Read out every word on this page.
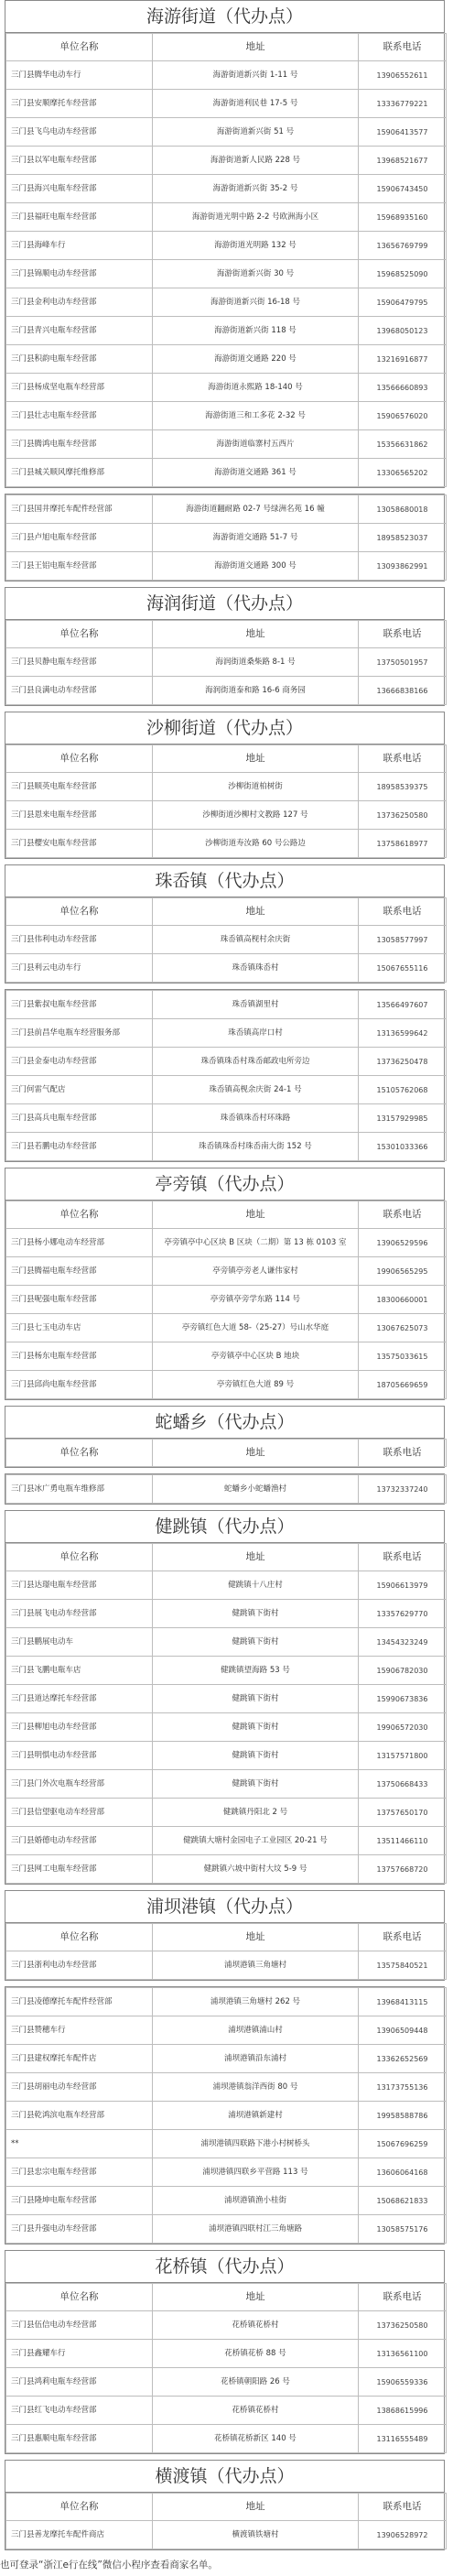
海游街道（代办点）
单位名称	地址	联系电话
三门县腾华电动车行	海游街道新兴街 1-11 号	13906552611
三门县安顺摩托车经营部	海游街道利民巷 17-5 号	13336779221
三门县飞鸟电动车经营部	海游街道新兴街 51 号	15906413577
三门县以军电瓶车经营部	海游街道新人民路 228 号	13968521677
三门县海兴电瓶车经营部	海游街道新兴街 35-2 号	15906743450
三门县福旺电瓶车经营部	海游街道光明中路 2-2 号欧洲海小区	15968935160
三门县海峰车行	海游街道光明路 132 号	13656769799
三门县锦顺电动车经营部	海游街道新兴街 30 号	15968525090
三门县金利电动车经营部	海游街道新兴街 16-18 号	15906479795
三门县青兴电瓶车经营部	海游街道新兴街 118 号	13968050123
三门县积韵电瓶车经营部	海游街道交通路 220 号	13216916877
三门县杨成坚电瓶车经营部	海游街道永熙路 18-140 号	13566660893
三门县壮志电瓶车经营部	海游街道三和工多花 2-32 号	15906576020
三门县腾鸿电瓶车经营部	海游街道临寨村五西片	15356631862
三门县城关顺风摩托维修部	海游街道交通路 361 号	13306565202
三门县国井摩托车配件经营部	海游街道翻耐路 02-7 号绿洲名苑 16 幢	13058680018
三门县卢旭电瓶车经营部	海游街道交通路 51-7 号	18958523037
三门县王铝电瓶车经营部	海游街道交通路 300 号	13093862991
海润街道（代办点）
单位名称	地址	联系电话
三门县贝静电瓶车经营部	海润街道桑柴路 8-1 号	13750501957
三门县良满电动车经营部	海润街道泰和路 16-6 商务园	13666838166
沙柳街道（代办点）
单位名称	地址	联系电话
三门县顺英电瓶车经营部	沙柳街道柏树街	18958539375
三门县恩来电瓶车经营部	沙柳街道沙柳村文教路 127 号	13736250580
三门县樱安电瓶车经营部	沙柳街道寿汝路 60 号公路边	13758618977
珠岙镇（代办点）
单位名称	地址	联系电话
三门县伟利电动车经营部	珠岙镇高枧村余庆街	13058577997
三门县利云电动车行	珠岙镇珠岙村	15067655116
三门县紫叔电瓶车经营部	珠岙镇湖里村	13566497607
三门县前昌华电瓶车经营服务部	珠岙镇高岸口村	13136599642
三门县金泰电动车经营部	珠岙镇珠岙村珠岙邮政电所旁边	13736250478
三门何雷气配店	珠岙镇高枧余庆街 24-1 号	15105762068
三门县高兵电瓶车经营部	珠岙镇珠岙村环珠路	13157929985
三门县若鹏电动车经营部	珠岙镇珠岙村珠岙南大街 152 号	15301033366
亭旁镇（代办点）
单位名称	地址	联系电话
三门县杨小娜电动车经营部	亭旁镇亭中心区块 B 区块（二期）第 13 栋 0103 室	13906529596
三门县腾福电瓶车经营部	亭旁镇亭旁老人谦伟家村	19906565295
三门县呢强电瓶车经营部	亭旁镇亭旁学东路 114 号	18300660001
三门县七玉电动车店	亭旁镇红色大道 58-（25-27）号山水华庭	13067625073
三门县杨东电瓶车经营部	亭旁镇亭中心区块 B 地块	13575033615
三门县邱尚电瓶车经营部	亭旁镇红色大道 89 号	18705669659
蛇蟠乡（代办点）
单位名称	地址	联系电话
三门县冰广勇电瓶车维修部	蛇蟠乡小蛇蟠渔村	13732337240
健跳镇（代办点）
单位名称	地址	联系电话
三门县达璟电瓶车经营部	健跳镇十八庄村	15906613979
三门县展飞电动车经营部	健跳镇下街村	13357629770
三门县鹏展电动车	健跳镇下街村	13454323249
三门县飞鹏电瓶车店	健跳镇望海路 53 号	15906782030
三门县道达摩托车经营部	健跳镇下街村	15990673836
三门县柳旭电动车经营部	健跳镇下街村	19906572030
三门县明惧电动车经营部	健跳镇下街村	13157571800
三门县门外次电瓶车经营部	健跳镇下街村	13750668433
三门县信望驱电动车经营部	健跳镇丹阳北 2 号	13757650170
三门县婚德电动车经营部	健跳镇大塘村金园电子工业园区 20-21 号	13511466110
三门县网工电瓶车经营部	健跳镇六坡中街村大坟 5-9 号	13757668720
浦坝港镇（代办点）
单位名称	地址	联系电话
三门县浙利电动车经营部	浦坝港镇三角塘村	13575840521
三门县凌德摩托车配件经营部	浦坝港镇三角塘村 262 号	13968413115
三门县赞穗车行	浦坝港镇浦山村	13906509448
三门县建权摩托车配件店	浦坝港镇沿东浦村	13362652569
三门县胡丽电动车经营部	浦坝港镇翁洋西街 80 号	13173755136
三门县乾鸿滨电瓶车经营部	浦坝港镇新建村	19958588786
**	浦坝港镇四联路下港小村树桥头	15067696259
三门县忠宗电瓶车经营部	浦坝港镇四联乡平营路 113 号	13606064168
三门县隆坤电瓶车经营部	浦坝港镇渔小桂街	15068621833
三门县升强电动车经营部	浦坝港镇四联村江三角塘路	13058575176
花桥镇（代办点）
单位名称	地址	联系电话
三门县伍信电动车经营部	花桥镇花桥村	13736250580
三门县鑫耀车行	花桥镇花桥 88 号	13136561100
三门县鸿莉电瓶车经营部	花桥镇朝阳路 26 号	15906559336
三门县红飞电动车经营部	花桥镇花桥村	13868615996
三门县惠顺电瓶车经营部	花桥镇花桥新区 140 号	13116555489
横渡镇（代办点）
单位名称	地址	联系电话
三门县善龙摩托车配件商店	横渡镇铁塘村	13906528972
也可登录“浙江e行在线”微信小程序查看商家名单。
